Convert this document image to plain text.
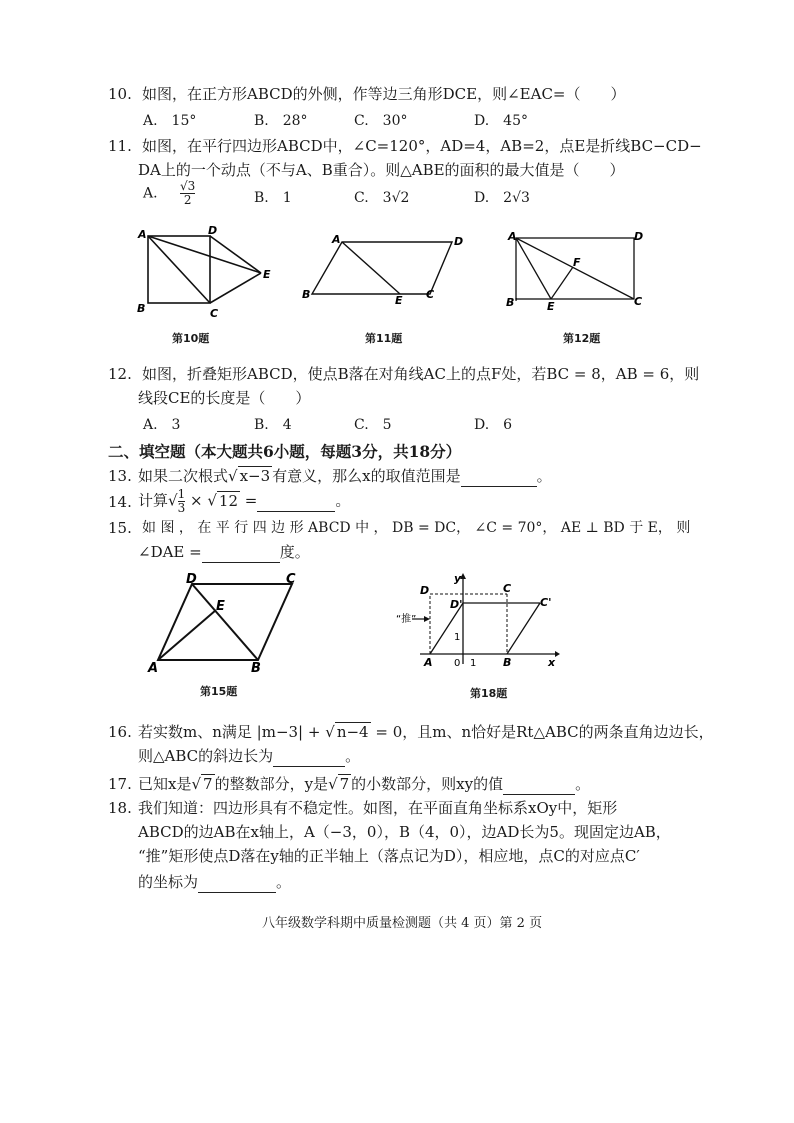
10. 如图，在正方形ABCD的外侧，作等边三角形DCE，则∠EAC=（　　）
A.　15°	B.　28°	C.　30°	D.　45°
11. 如图，在平行四边形ABCD中，∠C=120°，AD=4，AB=2，点E是折线BC−CD−
DA上的一个动点（不与A、B重合）。则△ABE的面积的最大值是（　　）
A. $\frac{√3}{2}$	B.　1	C.　3√2	D.　2√3
A	D
E
B	C
第10题
A	D
B	E C
第11题
A	D
F
B'	E	C
第12题
12. 如图，折叠矩形ABCD，使点B落在对角线AC上的点F处，若BC = 8，AB = 6，则
线段CE的长度是（　　）
A.　3	B.　4	C.　5	D.　6
二、填空题（本大题共6小题，每题3分，共18分）
13. 如果二次根式√ x−3 有意义，那么x的取值范围是	。
14. 计算√ $\frac{1}{3}$ × √ 12 =	。
15. 如 图 ， 在 平 行 四 边 形 ABCD 中 ， DB = DC， ∠C = 70°， AE ⊥ BD 于 E， 则
∠DAE =	度。
D	C
E
A	B
第15题
“推”
y
x
D
D'
C
C'
1
A 0 1 B
第18题
16. 若实数m、n满足 |m−3| + √ n−4 = 0，且m、n恰好是Rt△ABC的两条直角边边长，
则△ABC的斜边长为	。
17. 已知x是√ 7 的整数部分，y是√ 7 的小数部分，则xy的值	。
18. 我们知道：四边形具有不稳定性。如图，在平面直角坐标系xOy中，矩形
ABCD的边AB在x轴上，A（−3，0），B（4，0），边AD长为5。现固定边AB，
“推”矩形使点D落在y轴的正半轴上（落点记为D），相应地，点C的对应点C′
的坐标为	。
八年级数学科期中质量检测题（共 4 页）第 2 页
